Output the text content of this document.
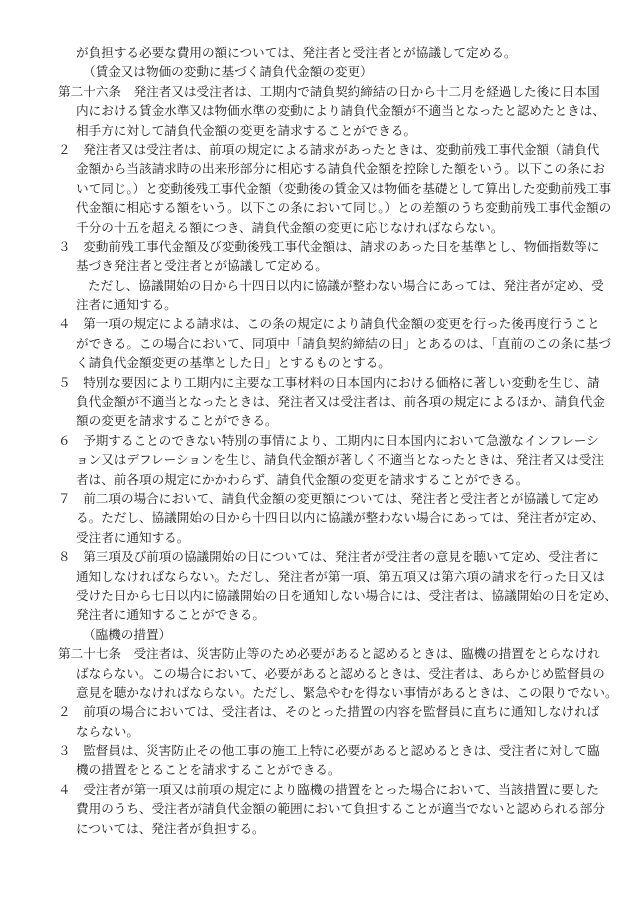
が負担する必要な費用の額については、発注者と受注者とが協議して定める。
（賃金又は物価の変動に基づく請負代金額の変更）
第二十六条　発注者又は受注者は、工期内で請負契約締結の日から十二月を経過した後に日本国
内における賃金水準又は物価水準の変動により請負代金額が不適当となったと認めたときは、
相手方に対して請負代金額の変更を請求することができる。
２　発注者又は受注者は、前項の規定による請求があったときは、変動前残工事代金額（請負代
金額から当該請求時の出来形部分に相応する請負代金額を控除した額をいう。以下この条にお
いて同じ。）と変動後残工事代金額（変動後の賃金又は物価を基礎として算出した変動前残工事
代金額に相応する額をいう。以下この条において同じ。）との差額のうち変動前残工事代金額の
千分の十五を超える額につき、請負代金額の変更に応じなければならない。
３　変動前残工事代金額及び変動後残工事代金額は、請求のあった日を基準とし、物価指数等に
基づき発注者と受注者とが協議して定める。
ただし、協議開始の日から十四日以内に協議が整わない場合にあっては、発注者が定め、受
注者に通知する。
４　第一項の規定による請求は、この条の規定により請負代金額の変更を行った後再度行うこと
ができる。この場合において、同項中「請負契約締結の日」とあるのは、「直前のこの条に基づ
く請負代金額変更の基準とした日」とするものとする。
５　特別な要因により工期内に主要な工事材料の日本国内における価格に著しい変動を生じ、請
負代金額が不適当となったときは、発注者又は受注者は、前各項の規定によるほか、請負代金
額の変更を請求することができる。
６　予期することのできない特別の事情により、工期内に日本国内において急激なインフレーシ
ョン又はデフレーションを生じ、請負代金額が著しく不適当となったときは、発注者又は受注
者は、前各項の規定にかかわらず、請負代金額の変更を請求することができる。
７　前二項の場合において、請負代金額の変更額については、発注者と受注者とが協議して定め
る。ただし、協議開始の日から十四日以内に協議が整わない場合にあっては、発注者が定め、
受注者に通知する。
８　第三項及び前項の協議開始の日については、発注者が受注者の意見を聴いて定め、受注者に
通知しなければならない。ただし、発注者が第一項、第五項又は第六項の請求を行った日又は
受けた日から七日以内に協議開始の日を通知しない場合には、受注者は、協議開始の日を定め、
発注者に通知することができる。
（臨機の措置）
第二十七条　受注者は、災害防止等のため必要があると認めるときは、臨機の措置をとらなけれ
ばならない。この場合において、必要があると認めるときは、受注者は、あらかじめ監督員の
意見を聴かなければならない。ただし、緊急やむを得ない事情があるときは、この限りでない。
２　前項の場合においては、受注者は、そのとった措置の内容を監督員に直ちに通知しなければ
ならない。
３　監督員は、災害防止その他工事の施工上特に必要があると認めるときは、受注者に対して臨
機の措置をとることを請求することができる。
４　受注者が第一項又は前項の規定により臨機の措置をとった場合において、当該措置に要した
費用のうち、受注者が請負代金額の範囲において負担することが適当でないと認められる部分
については、発注者が負担する。
